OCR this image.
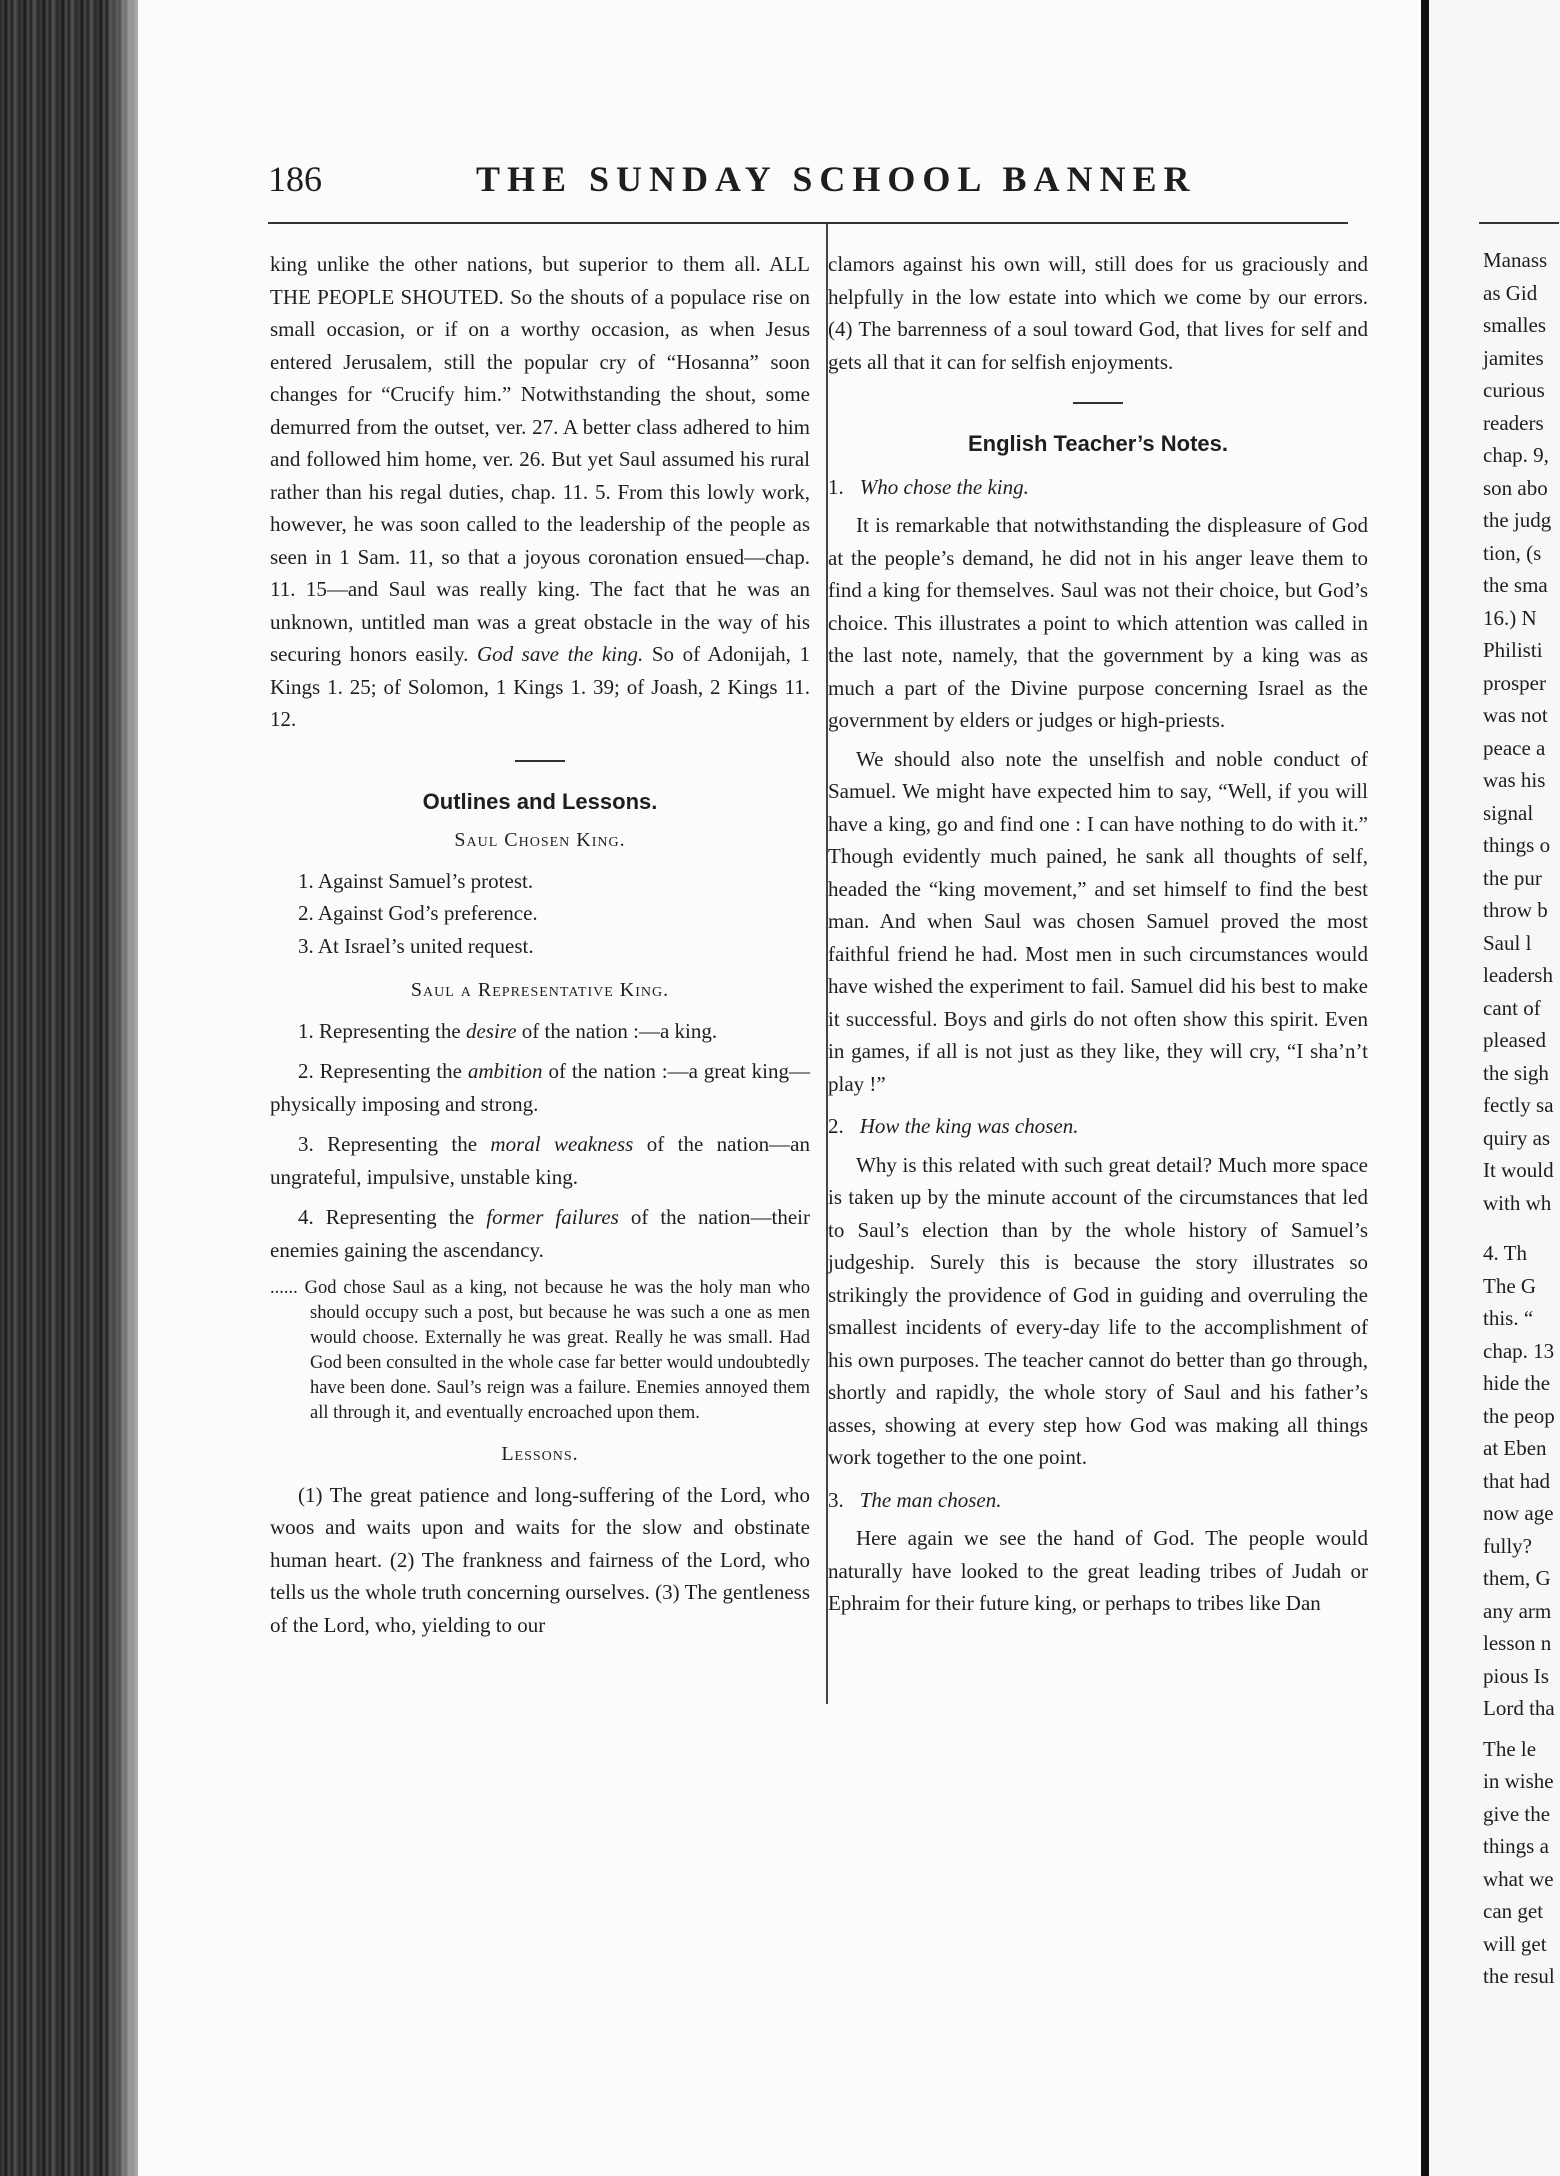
186	THE SUNDAY SCHOOL BANNER

king unlike the other nations, but superior to them all. ALL THE PEOPLE SHOUTED. So the shouts of a populace rise on small occasion, or if on a worthy occasion, as when Jesus entered Jerusalem, still the popular cry of “Hosanna” soon changes for “Crucify him.” Notwithstanding the shout, some demurred from the outset, ver. 27. A better class adhered to him and followed him home, ver. 26. But yet Saul assumed his rural rather than his regal duties, chap. 11. 5. From this lowly work, however, he was soon called to the leadership of the people as seen in 1 Sam. 11, so that a joyous coronation ensued—chap. 11. 15—and Saul was really king. The fact that he was an unknown, untitled man was a great obstacle in the way of his securing honors easily. God save the king. So of Adonijah, 1 Kings 1. 25; of Solomon, 1 Kings 1. 39; of Joash, 2 Kings 11. 12.

Outlines and Lessons.
Saul Chosen King.
1. Against Samuel’s protest.
2. Against God’s preference.
3. At Israel’s united request.
Saul a Representative King.

1. Representing the desire of the nation :—a king.

2. Representing the ambition of the nation :—a great king—physically imposing and strong.

3. Representing the moral weakness of the nation—an ungrateful, impulsive, unstable king.

4. Representing the former failures of the nation—their enemies gaining the ascendancy.

...... God chose Saul as a king, not because he was the holy man who should occupy such a post, but because he was such a one as men would choose. Externally he was great. Really he was small. Had God been consulted in the whole case far better would undoubtedly have been done. Saul’s reign was a failure. Enemies annoyed them all through it, and eventually encroached upon them.

Lessons.

(1) The great patience and long-suffering of the Lord, who woos and waits upon and waits for the slow and obstinate human heart. (2) The frankness and fairness of the Lord, who tells us the whole truth concerning ourselves. (3) The gentleness of the Lord, who, yielding to our

clamors against his own will, still does for us graciously and helpfully in the low estate into which we come by our errors. (4) The barrenness of a soul toward God, that lives for self and gets all that it can for selfish enjoyments.

English Teacher’s Notes.
1. Who chose the king.

It is remarkable that notwithstanding the displeasure of God at the people’s demand, he did not in his anger leave them to find a king for themselves. Saul was not their choice, but God’s choice. This illustrates a point to which attention was called in the last note, namely, that the government by a king was as much a part of the Divine purpose concerning Israel as the government by elders or judges or high-priests.

We should also note the unselfish and noble conduct of Samuel. We might have expected him to say, “Well, if you will have a king, go and find one : I can have nothing to do with it.” Though evidently much pained, he sank all thoughts of self, headed the “king movement,” and set himself to find the best man. And when Saul was chosen Samuel proved the most faithful friend he had. Most men in such circumstances would have wished the experiment to fail. Samuel did his best to make it successful. Boys and girls do not often show this spirit. Even in games, if all is not just as they like, they will cry, “I sha’n’t play !”

2. How the king was chosen.

Why is this related with such great detail? Much more space is taken up by the minute account of the circumstances that led to Saul’s election than by the whole history of Samuel’s judgeship. Surely this is because the story illustrates so strikingly the providence of God in guiding and overruling the smallest incidents of every-day life to the accomplishment of his own purposes. The teacher cannot do better than go through, shortly and rapidly, the whole story of Saul and his father’s asses, showing at every step how God was making all things work together to the one point.

3. The man chosen.

Here again we see the hand of God. The people would naturally have looked to the great leading tribes of Judah or Ephraim for their future king, or perhaps to tribes like Dan

Manass
as Gid
smalles
jamites
curious
readers
chap. 9,
son abo
the judg
tion, (s
the sma
16.) N
Philisti
prosper
was not
peace a
was his
signal
things o
the pur
throw b
Saul l
leadersh
cant of
pleased
the sigh
fectly sa
quiry as
It would
with wh
4. Th
The G
this. “
chap. 13
hide the
the peop
at Eben
that had
now age
fully?
them, G
any arm
lesson n
pious Is
Lord tha
The le
in wishe
give the
things a
what we
can get
will get
the resul
